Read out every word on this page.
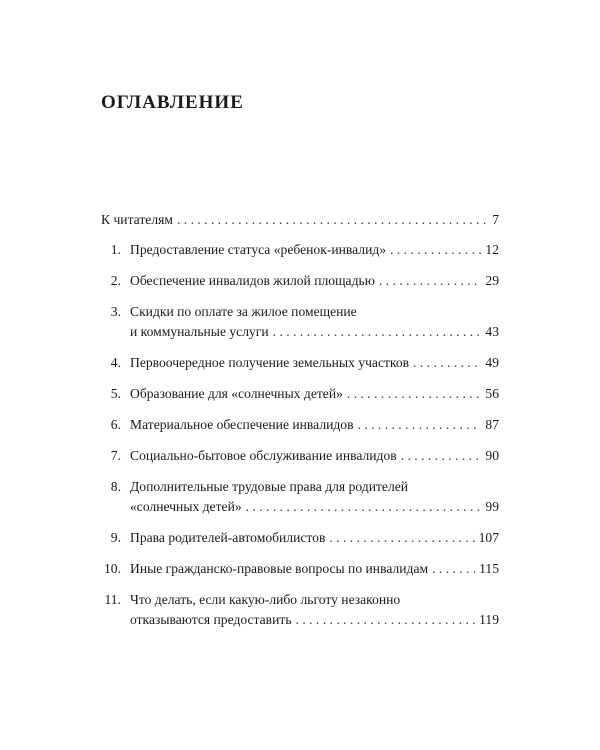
ОГЛАВЛЕНИЕ
К читателям . . .	7
1. Предоставление статуса «ребенок-инвалид» . . .	12
2. Обеспечение инвалидов жилой площадью . . .	29
3. Скидки по оплате за жилое помещение
и коммунальные услуги . . .	43
4. Первоочередное получение земельных участков . . .	49
5. Образование для «солнечных детей» . . .	56
6. Материальное обеспечение инвалидов . . .	87
7. Социально-бытовое обслуживание инвалидов . . .	90
8. Дополнительные трудовые права для родителей
«солнечных детей» . . .	99
9. Права родителей-автомобилистов . . .	107
10. Иные гражданско-правовые вопросы по инвалидам . . .	115
11. Что делать, если какую-либо льготу незаконно
отказываются предоставить . . .	119
